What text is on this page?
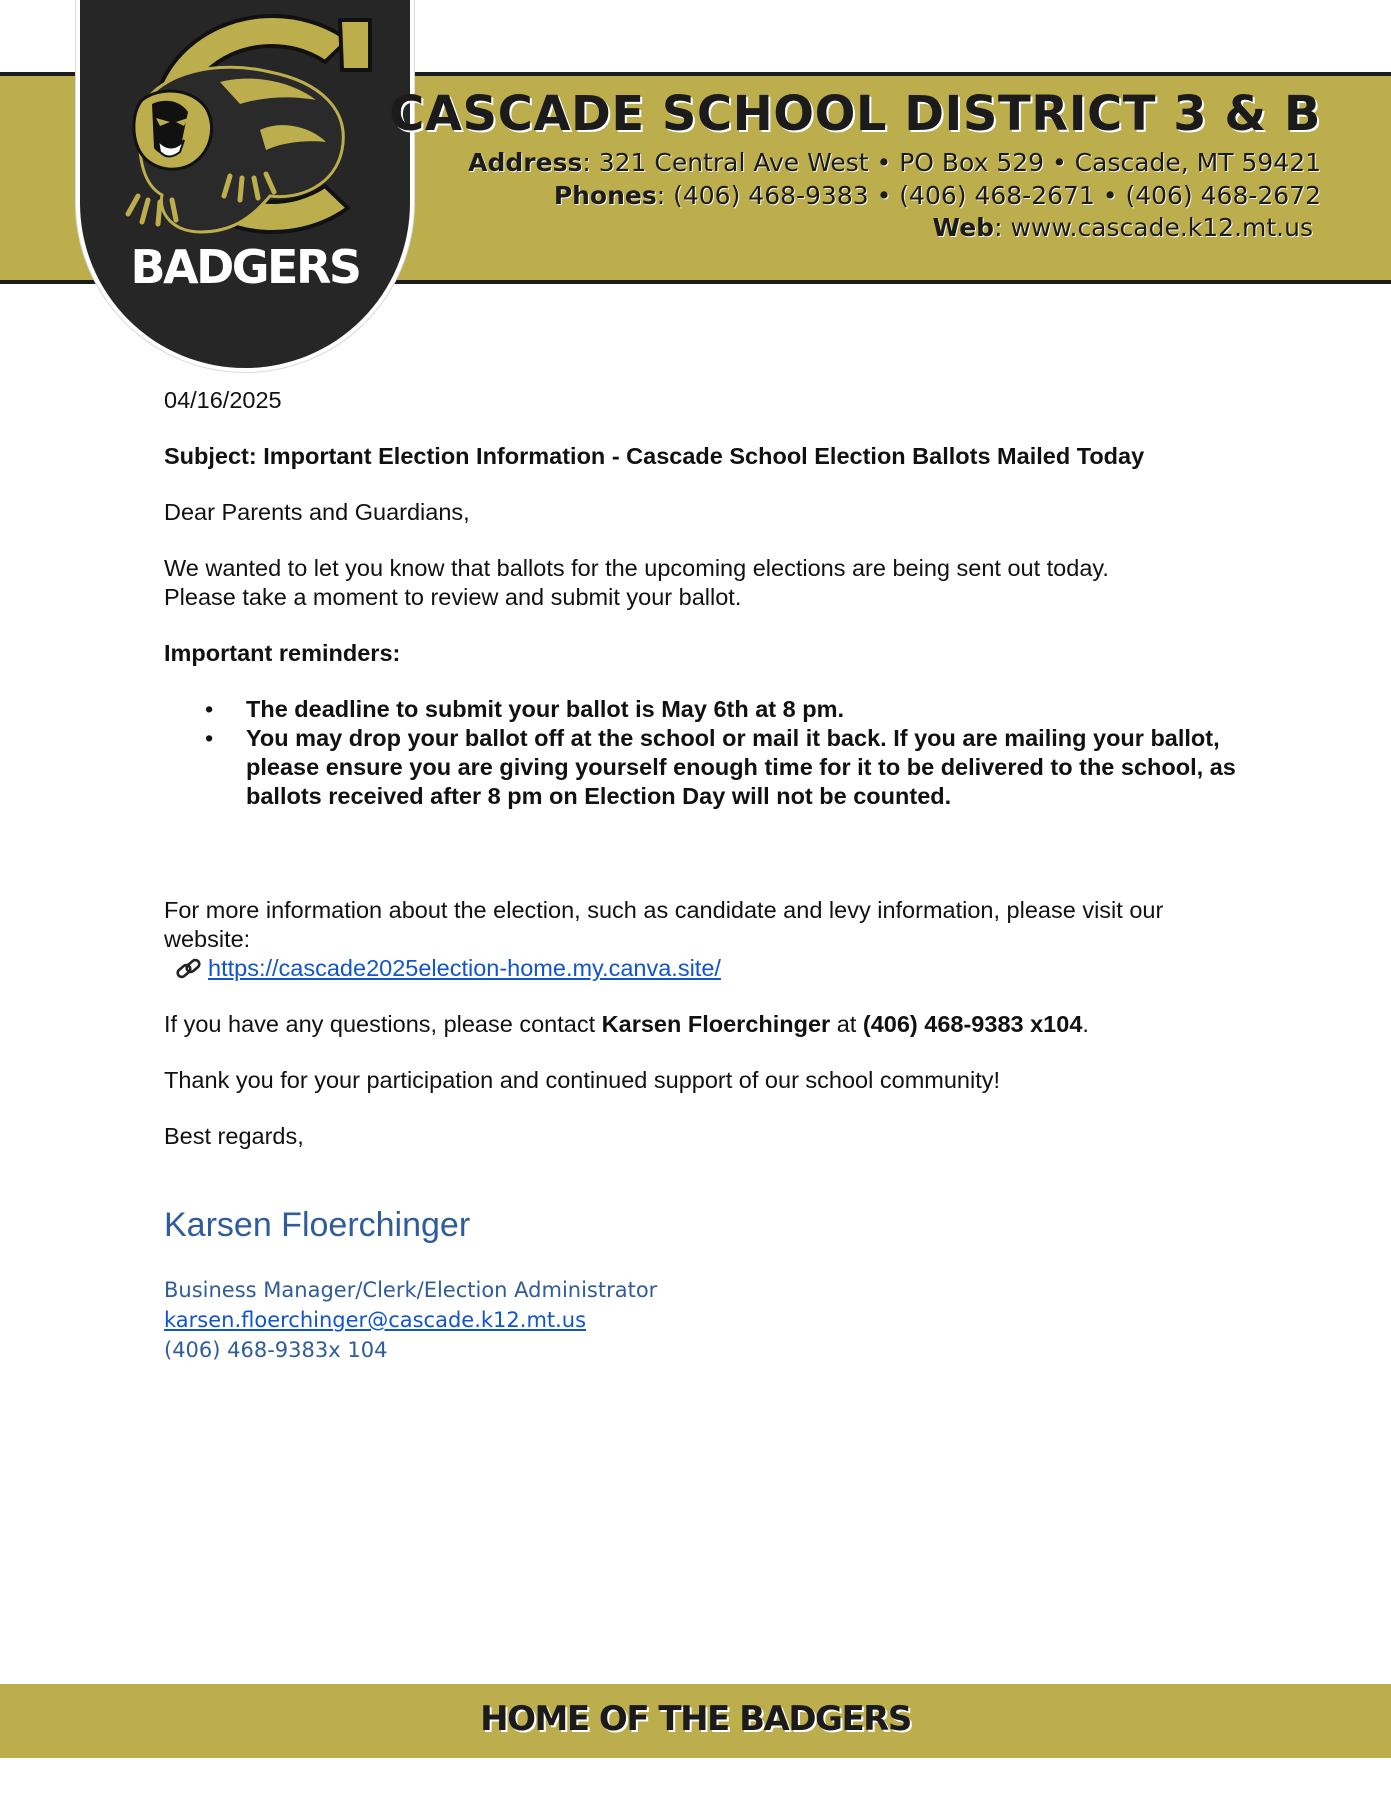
BADGERS
CASCADE SCHOOL DISTRICT 3 & B
Address: 321 Central Ave West • PO Box 529 • Cascade, MT 59421
Phones: (406) 468-9383 • (406) 468-2671 • (406) 468-2672
Web: www.cascade.k12.mt.us

04/16/2025

Subject: Important Election Information - Cascade School Election Ballots Mailed Today

Dear Parents and Guardians,

We wanted to let you know that ballots for the upcoming elections are being sent out today.
Please take a moment to review and submit your ballot.

Important reminders:

• The deadline to submit your ballot is May 6th at 8 pm.
• You may drop your ballot off at the school or mail it back. If you are mailing your ballot, please ensure you are giving yourself enough time for it to be delivered to the school, as ballots received after 8 pm on Election Day will not be counted.

For more information about the election, such as candidate and levy information, please visit our website:

https://cascade2025election-home.my.canva.site/

If you have any questions, please contact Karsen Floerchinger at (406) 468-9383 x104.

Thank you for your participation and continued support of our school community!

Best regards,

Karsen Floerchinger

Business Manager/Clerk/Election Administrator
karsen.floerchinger@cascade.k12.mt.us
(406) 468-9383x 104
HOME OF THE BADGERS
